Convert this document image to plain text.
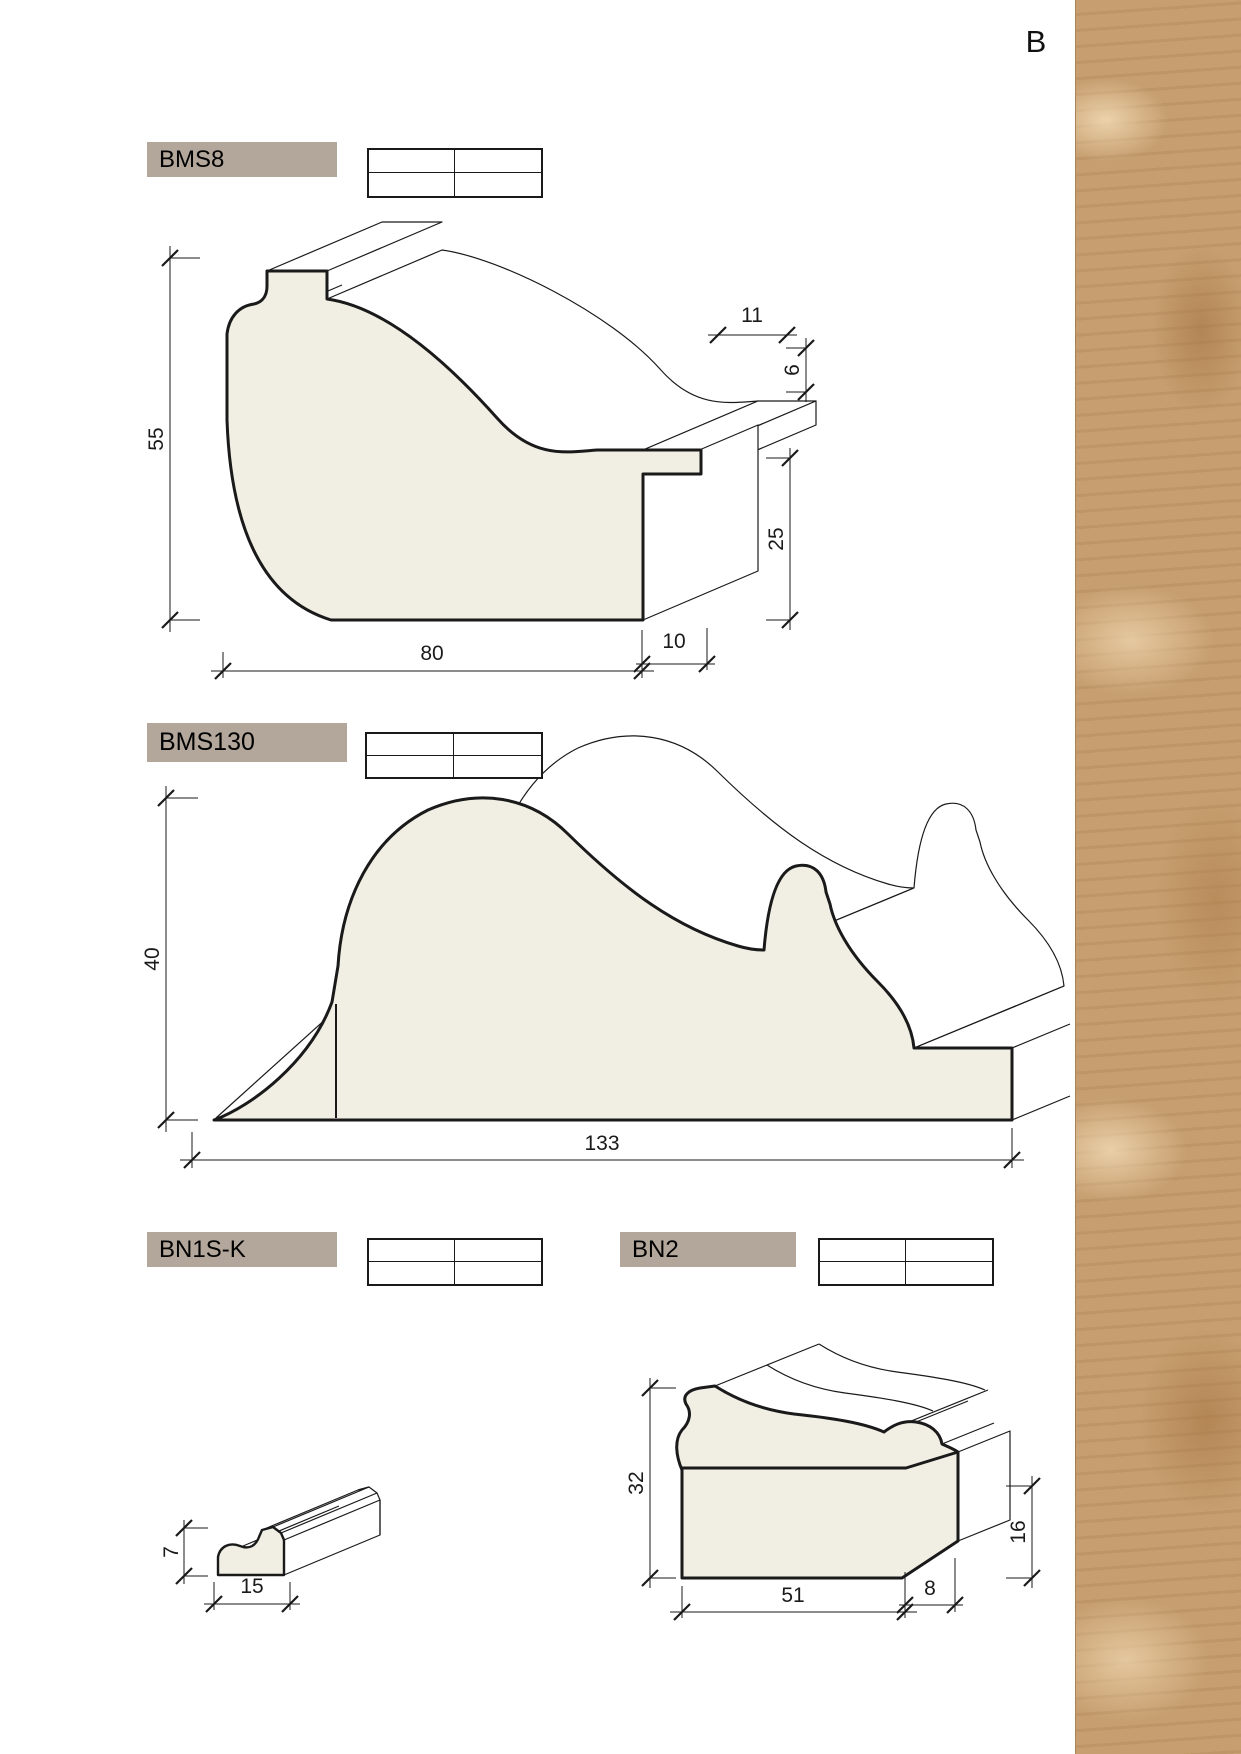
55
80
10
11
6
25
40
133
7
15
32
16
51	8
B
BMS8
BMS130
BN1S-K	BN2
